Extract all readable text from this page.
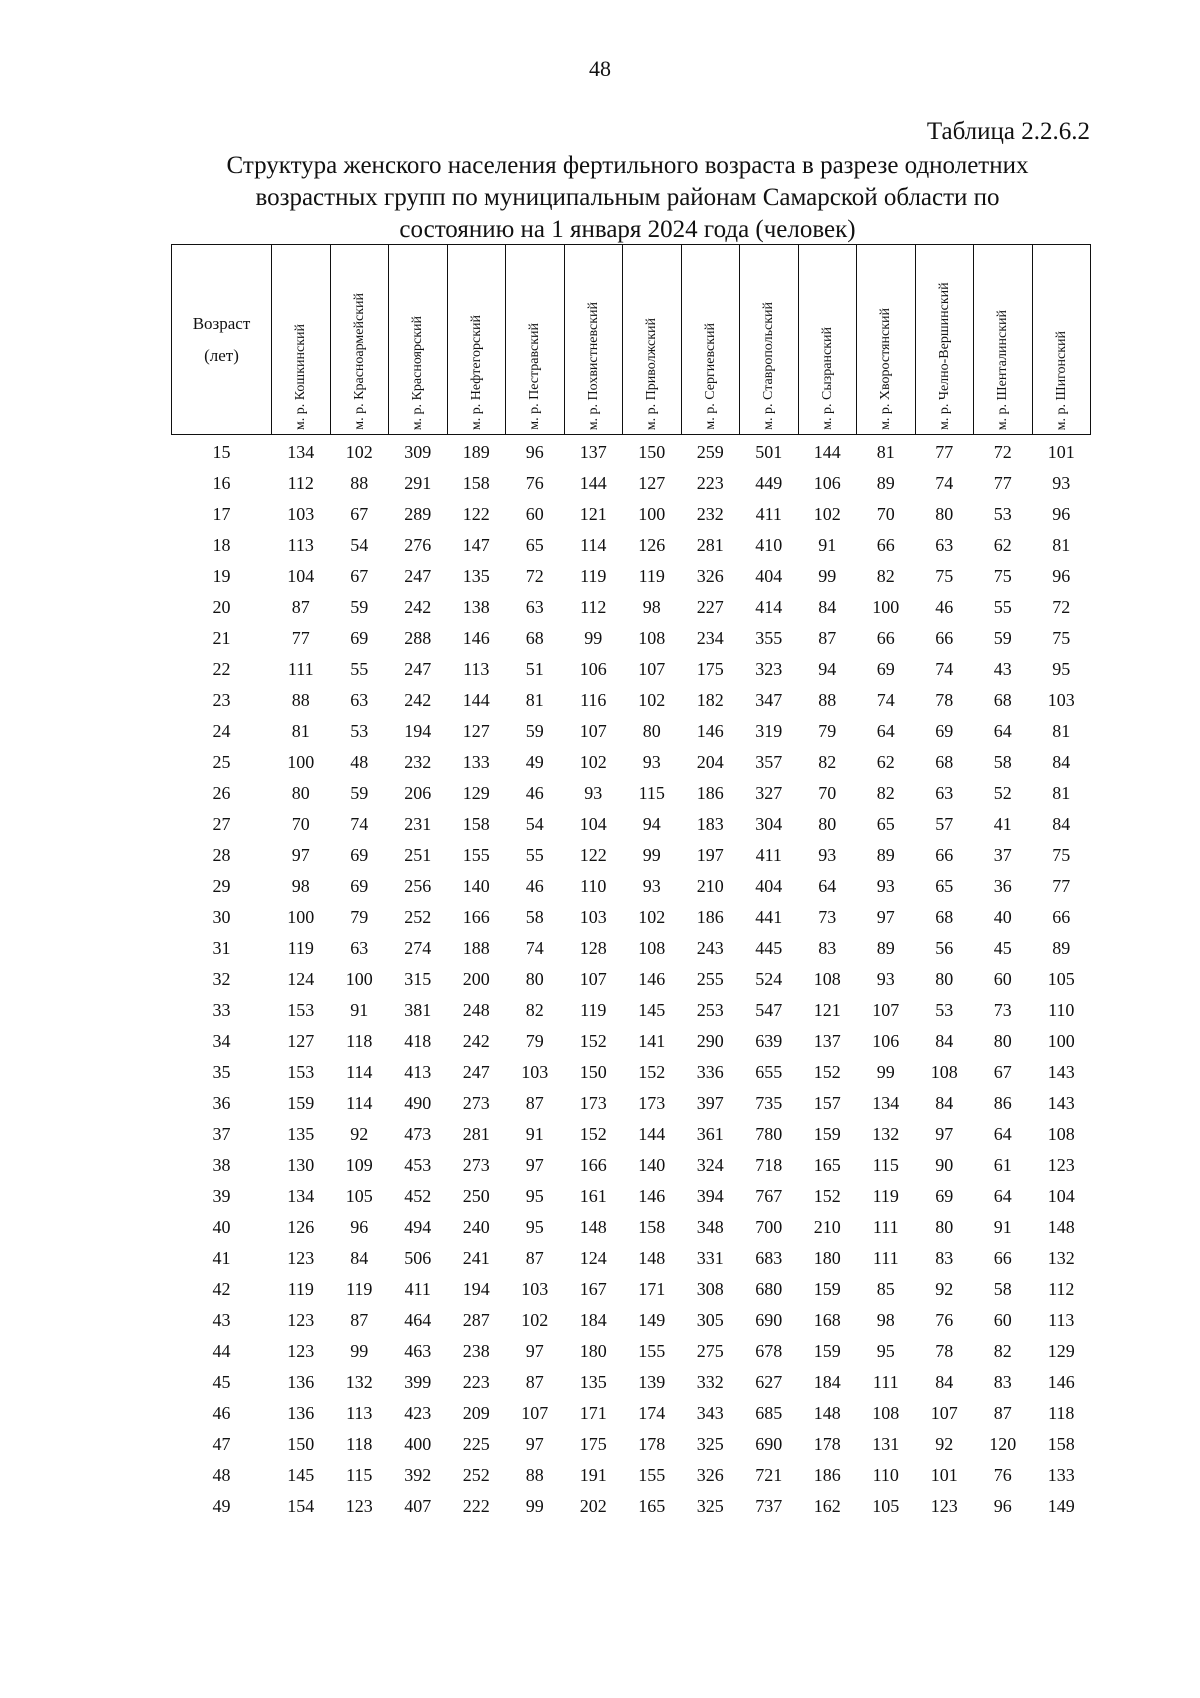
48
Таблица 2.2.6.2
Структура женского населения фертильного возраста в разрезе однолетних
возрастных групп по муниципальным районам Самарской области по
состоянию на 1 января 2024 года (человек)
Возраст
(лет)	м. р. Кошкинский	м. р. Красноармейский	м. р. Красноярский	м. р. Нефтегорский	м. р. Пестравский	м. р. Похвистневский	м. р. Приволжский	м. р. Сергиевский	м. р. Ставропольский	м. р. Сызранский	м. р. Хворостянский	м. р. Челно-Вершинский	м. р. Шенталинский	м. р. Шигонский

15	134	102	309	189	96	137	150	259	501	144	81	77	72	101
16	112	88	291	158	76	144	127	223	449	106	89	74	77	93
17	103	67	289	122	60	121	100	232	411	102	70	80	53	96
18	113	54	276	147	65	114	126	281	410	91	66	63	62	81
19	104	67	247	135	72	119	119	326	404	99	82	75	75	96
20	87	59	242	138	63	112	98	227	414	84	100	46	55	72
21	77	69	288	146	68	99	108	234	355	87	66	66	59	75
22	111	55	247	113	51	106	107	175	323	94	69	74	43	95
23	88	63	242	144	81	116	102	182	347	88	74	78	68	103
24	81	53	194	127	59	107	80	146	319	79	64	69	64	81
25	100	48	232	133	49	102	93	204	357	82	62	68	58	84
26	80	59	206	129	46	93	115	186	327	70	82	63	52	81
27	70	74	231	158	54	104	94	183	304	80	65	57	41	84
28	97	69	251	155	55	122	99	197	411	93	89	66	37	75
29	98	69	256	140	46	110	93	210	404	64	93	65	36	77
30	100	79	252	166	58	103	102	186	441	73	97	68	40	66
31	119	63	274	188	74	128	108	243	445	83	89	56	45	89
32	124	100	315	200	80	107	146	255	524	108	93	80	60	105
33	153	91	381	248	82	119	145	253	547	121	107	53	73	110
34	127	118	418	242	79	152	141	290	639	137	106	84	80	100
35	153	114	413	247	103	150	152	336	655	152	99	108	67	143
36	159	114	490	273	87	173	173	397	735	157	134	84	86	143
37	135	92	473	281	91	152	144	361	780	159	132	97	64	108
38	130	109	453	273	97	166	140	324	718	165	115	90	61	123
39	134	105	452	250	95	161	146	394	767	152	119	69	64	104
40	126	96	494	240	95	148	158	348	700	210	111	80	91	148
41	123	84	506	241	87	124	148	331	683	180	111	83	66	132
42	119	119	411	194	103	167	171	308	680	159	85	92	58	112
43	123	87	464	287	102	184	149	305	690	168	98	76	60	113
44	123	99	463	238	97	180	155	275	678	159	95	78	82	129
45	136	132	399	223	87	135	139	332	627	184	111	84	83	146
46	136	113	423	209	107	171	174	343	685	148	108	107	87	118
47	150	118	400	225	97	175	178	325	690	178	131	92	120	158
48	145	115	392	252	88	191	155	326	721	186	110	101	76	133
49	154	123	407	222	99	202	165	325	737	162	105	123	96	149
